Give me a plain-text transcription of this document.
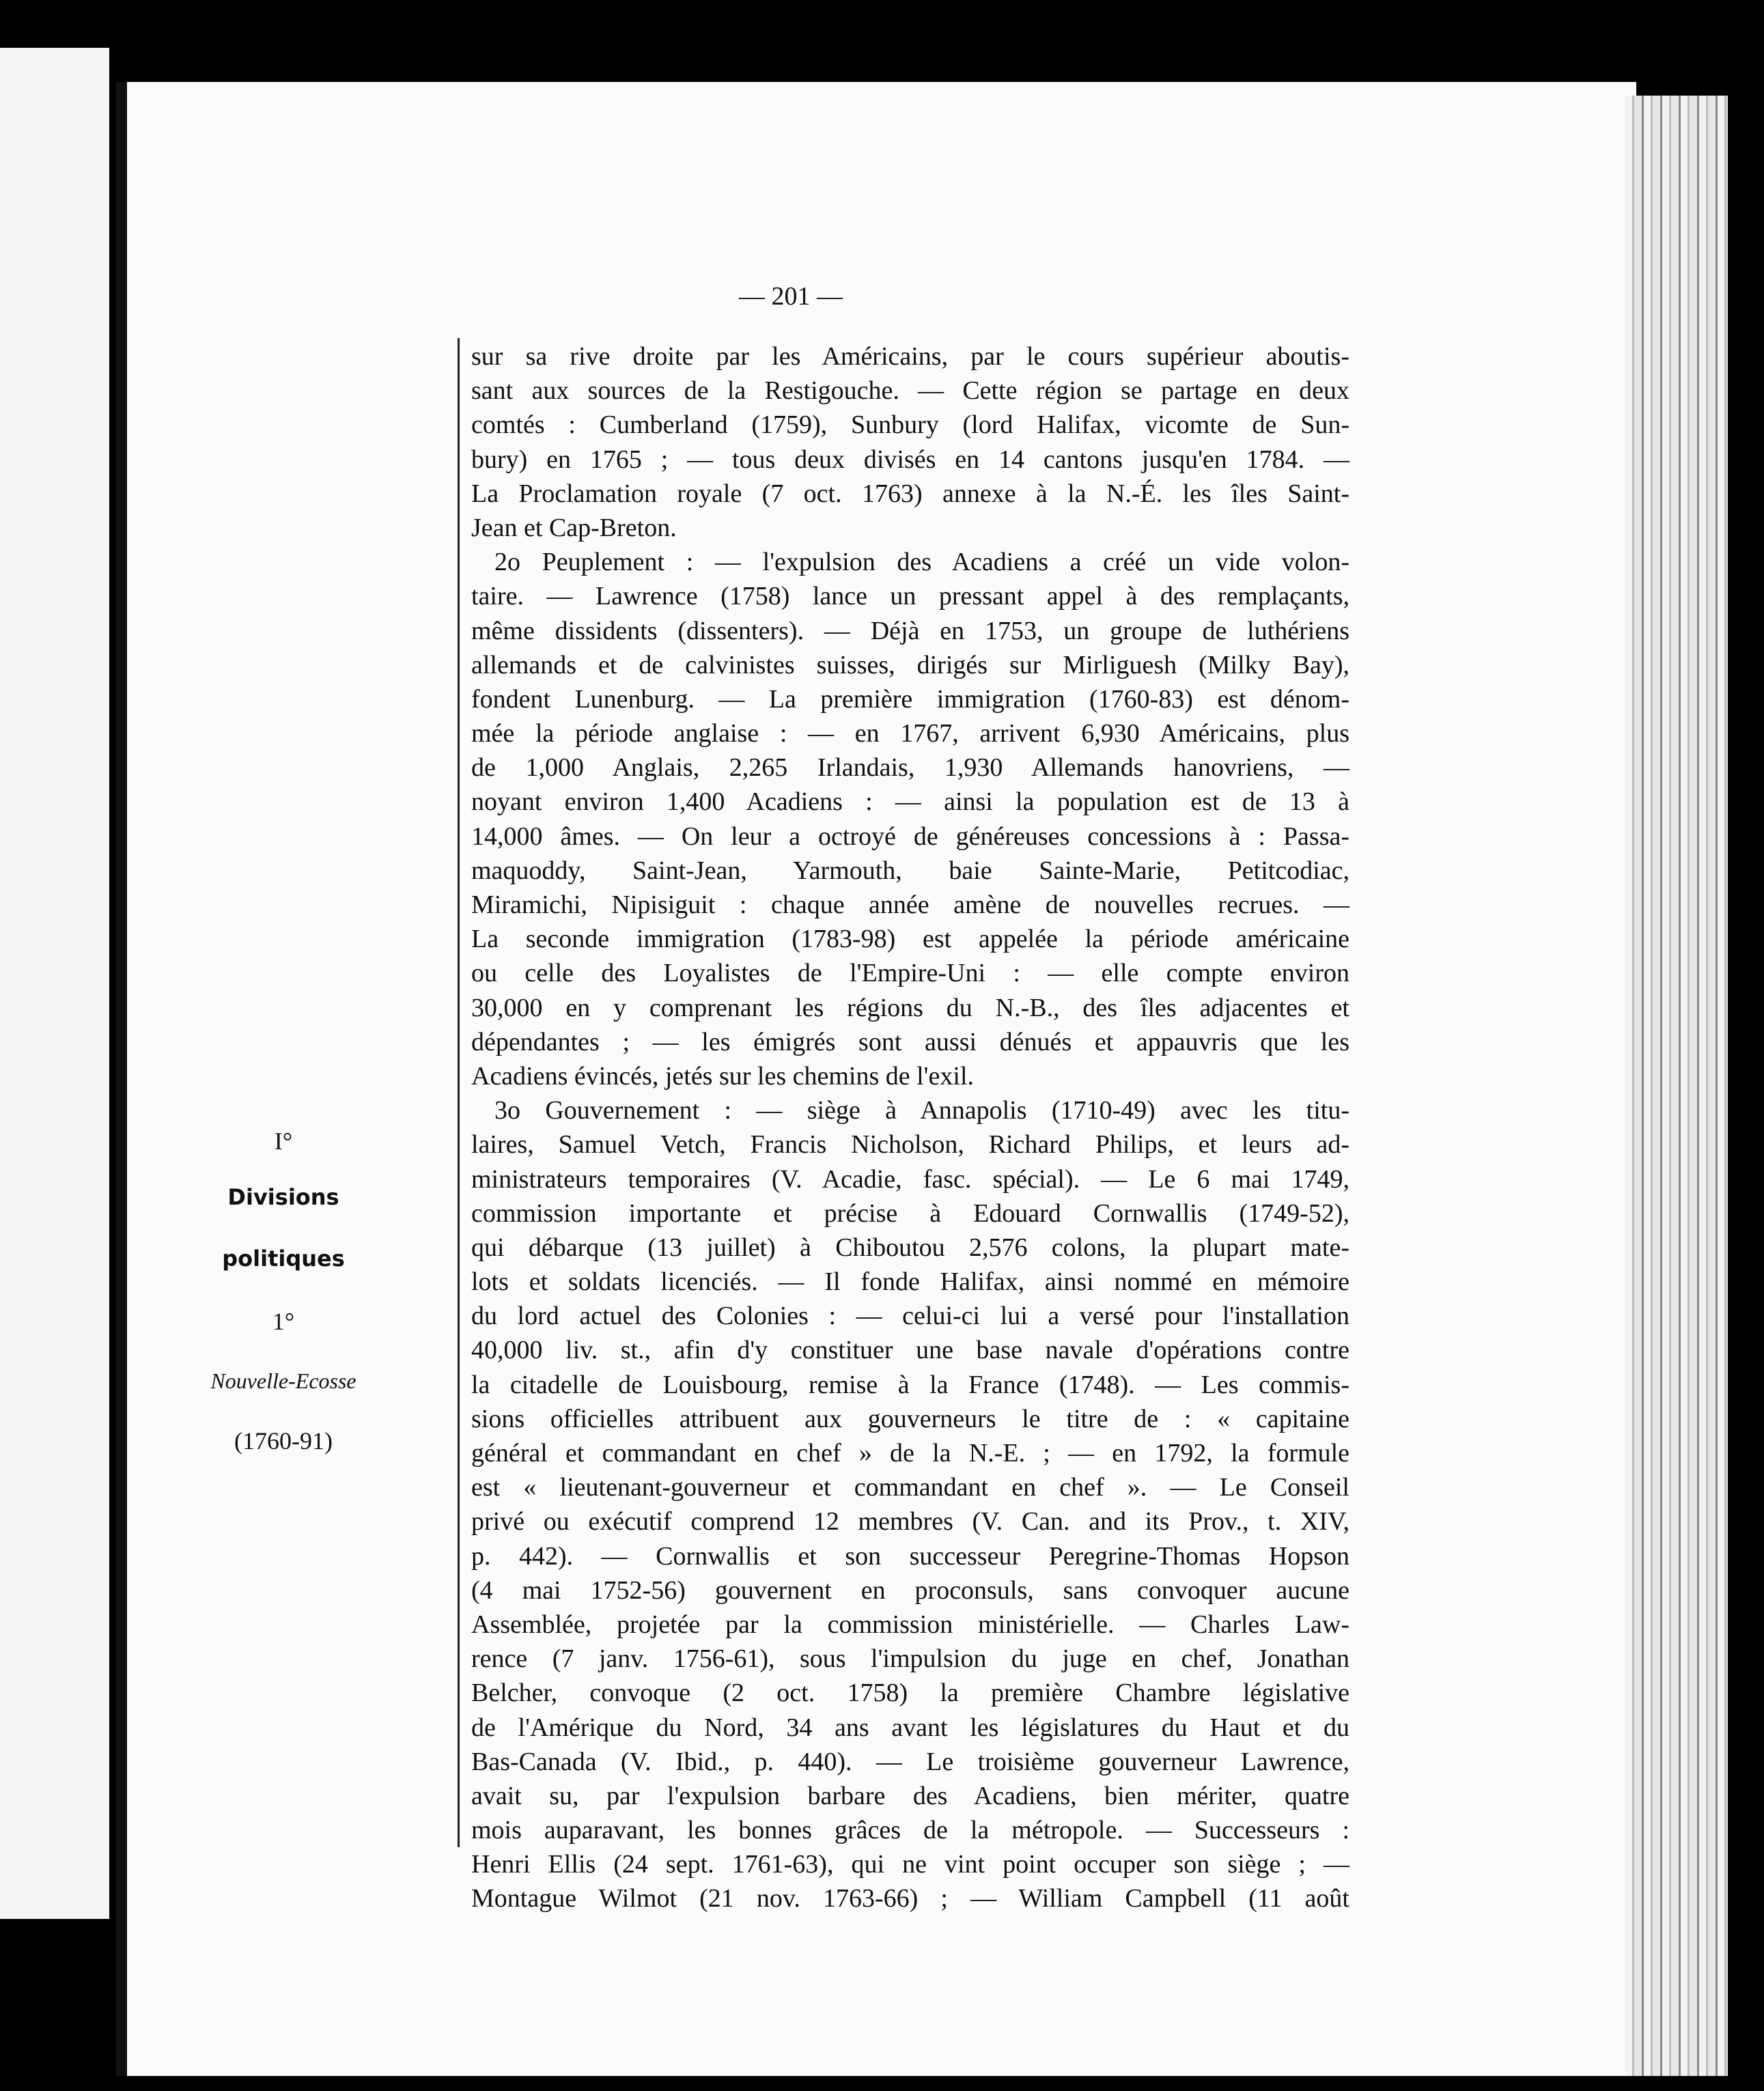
— 201 —
I°
Divisions
politiques
1°
Nouvelle-Ecosse
(1760-91)
sur sa rive droite par les Américains, par le cours supérieur aboutis-
sant aux sources de la Restigouche. — Cette région se partage en deux
comtés : Cumberland (1759), Sunbury (lord Halifax, vicomte de Sun-
bury) en 1765 ; — tous deux divisés en 14 cantons jusqu'en 1784. —
La Proclamation royale (7 oct. 1763) annexe à la N.-É. les îles Saint-
Jean et Cap-Breton.
2o Peuplement : — l'expulsion des Acadiens a créé un vide volon-
taire. — Lawrence (1758) lance un pressant appel à des remplaçants,
même dissidents (dissenters). — Déjà en 1753, un groupe de luthériens
allemands et de calvinistes suisses, dirigés sur Mirliguesh (Milky Bay),
fondent Lunenburg. — La première immigration (1760-83) est dénom-
mée la période anglaise : — en 1767, arrivent 6,930 Américains, plus
de 1,000 Anglais, 2,265 Irlandais, 1,930 Allemands hanovriens, —
noyant environ 1,400 Acadiens : — ainsi la population est de 13 à
14,000 âmes. — On leur a octroyé de généreuses concessions à : Passa-
maquoddy, Saint-Jean, Yarmouth, baie Sainte-Marie, Petitcodiac,
Miramichi, Nipisiguit : chaque année amène de nouvelles recrues. —
La seconde immigration (1783-98) est appelée la période américaine
ou celle des Loyalistes de l'Empire-Uni : — elle compte environ
30,000 en y comprenant les régions du N.-B., des îles adjacentes et
dépendantes ; — les émigrés sont aussi dénués et appauvris que les
Acadiens évincés, jetés sur les chemins de l'exil.
3o Gouvernement : — siège à Annapolis (1710-49) avec les titu-
laires, Samuel Vetch, Francis Nicholson, Richard Philips, et leurs ad-
ministrateurs temporaires (V. Acadie, fasc. spécial). — Le 6 mai 1749,
commission importante et précise à Edouard Cornwallis (1749-52),
qui débarque (13 juillet) à Chiboutou 2,576 colons, la plupart mate-
lots et soldats licenciés. — Il fonde Halifax, ainsi nommé en mémoire
du lord actuel des Colonies : — celui-ci lui a versé pour l'installation
40,000 liv. st., afin d'y constituer une base navale d'opérations contre
la citadelle de Louisbourg, remise à la France (1748). — Les commis-
sions officielles attribuent aux gouverneurs le titre de : « capitaine
général et commandant en chef » de la N.-E. ; — en 1792, la formule
est « lieutenant-gouverneur et commandant en chef ». — Le Conseil
privé ou exécutif comprend 12 membres (V. Can. and its Prov., t. XIV,
p. 442). — Cornwallis et son successeur Peregrine-Thomas Hopson
(4 mai 1752-56) gouvernent en proconsuls, sans convoquer aucune
Assemblée, projetée par la commission ministérielle. — Charles Law-
rence (7 janv. 1756-61), sous l'impulsion du juge en chef, Jonathan
Belcher, convoque (2 oct. 1758) la première Chambre législative
de l'Amérique du Nord, 34 ans avant les législatures du Haut et du
Bas-Canada (V. Ibid., p. 440). — Le troisième gouverneur Lawrence,
avait su, par l'expulsion barbare des Acadiens, bien mériter, quatre
mois auparavant, les bonnes grâces de la métropole. — Successeurs :
Henri Ellis (24 sept. 1761-63), qui ne vint point occuper son siège ; —
Montague Wilmot (21 nov. 1763-66) ; — William Campbell (11 août
